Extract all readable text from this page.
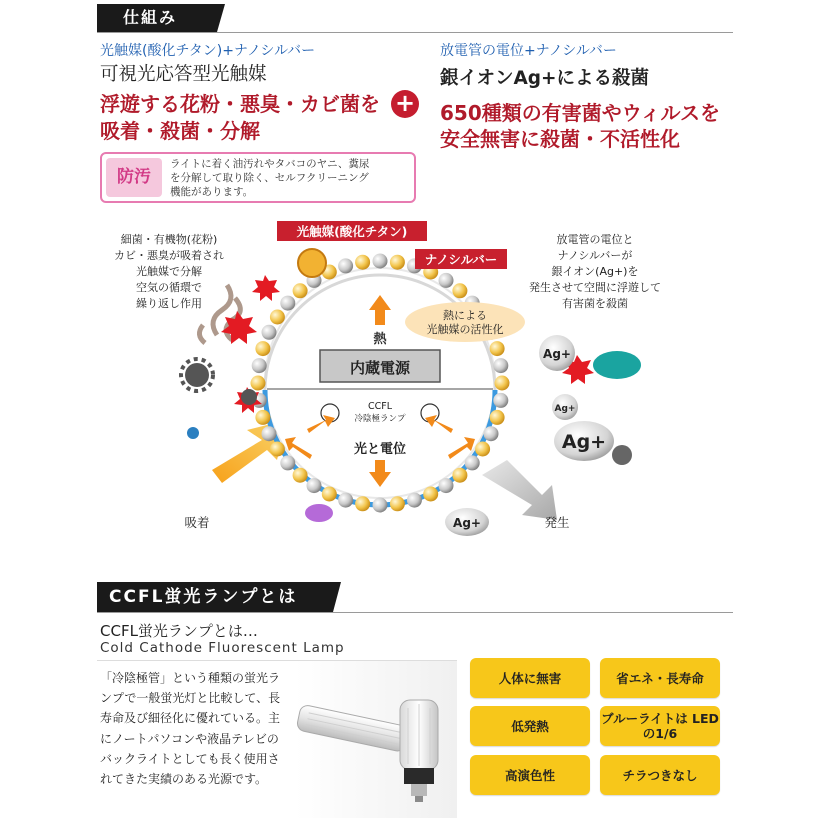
仕組み
光触媒(酸化チタン)+ナノシルバー
可視光応答型光触媒
浮遊する花粉・悪臭・カビ菌を
吸着・殺菌・分解
+
放電管の電位+ナノシルバー
銀イオンAg+による殺菌
650種類の有害菌やウィルスを
安全無害に殺菌・不活性化
防汚
ライトに着く油汚れやタバコのヤニ、糞尿
を分解して取り除く、セルフクリーニング
機能があります。
内蔵電源
熱
CCFL
冷陰極ランプ
光と電位
Ag+
Ag+
Ag+
Ag+
細菌・有機物(花粉)
カビ・悪臭が吸着され
光触媒で分解
空気の循環で
繰り返し作用
光触媒(酸化チタン)
ナノシルバー
熱による
光触媒の活性化
放電管の電位と
ナノシルバーが
銀イオン(Ag+)を
発生させて空間に浮遊して
有害菌を殺菌
吸着	発生
CCFL蛍光ランプとは
CCFL蛍光ランプとは…
Cold Cathode Fluorescent Lamp
「冷陰極管」という種類の蛍光ランプで一般蛍光灯と比較して、長寿命及び細径化に優れている。主にノートパソコンや液晶テレビのバックライトとしても長く使用されてきた実績のある光源です。
人体に無害	省エネ・長寿命
低発熱	ブルーライトは LEDの1/6
高演色性	チラつきなし
